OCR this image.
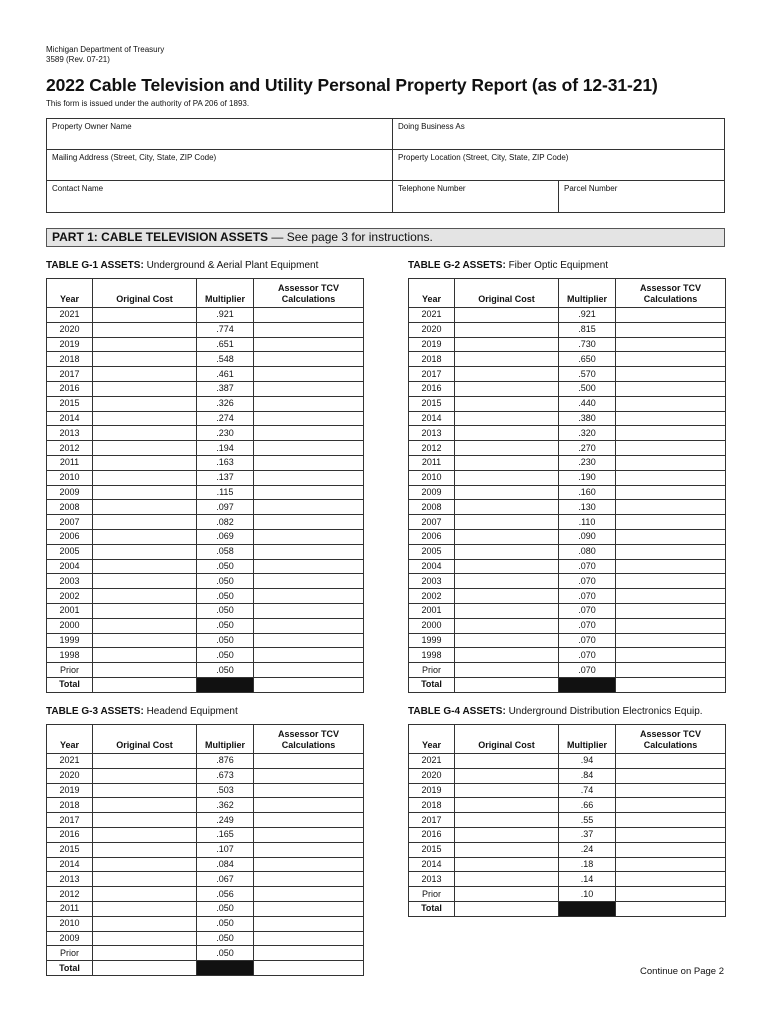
Michigan Department of Treasury
3589 (Rev. 07-21)
2022 Cable Television and Utility Personal Property Report (as of 12-31-21)
This form is issued under the authority of PA 206 of 1893.
Property Owner Name	Doing Business As
Mailing Address (Street, City, State, ZIP Code)	Property Location (Street, City, State, ZIP Code)
Contact Name	Telephone Number	Parcel Number
PART 1: CABLE TELEVISION ASSETS — See page 3 for instructions.
TABLE G-1 ASSETS: Underground & Aerial Plant Equipment	TABLE G-2 ASSETS: Fiber Optic Equipment
TABLE G-3 ASSETS: Headend Equipment	TABLE G-4 ASSETS: Underground Distribution Electronics Equip.
Year	Original Cost	Multiplier	Assessor TCV
Calculations

2021		.921	
2020		.774	
2019		.651	
2018		.548	
2017		.461	
2016		.387	
2015		.326	
2014		.274	
2013		.230	
2012		.194	
2011		.163	
2010		.137	
2009		.115	
2008		.097	
2007		.082	
2006		.069	
2005		.058	
2004		.050	
2003		.050	
2002		.050	
2001		.050	
2000		.050	
1999		.050	
1998		.050	
Prior		.050	
Total			
Year	Original Cost	Multiplier	Assessor TCV
Calculations

2021		.921	
2020		.815	
2019		.730	
2018		.650	
2017		.570	
2016		.500	
2015		.440	
2014		.380	
2013		.320	
2012		.270	
2011		.230	
2010		.190	
2009		.160	
2008		.130	
2007		.110	
2006		.090	
2005		.080	
2004		.070	
2003		.070	
2002		.070	
2001		.070	
2000		.070	
1999		.070	
1998		.070	
Prior		.070	
Total			
Year	Original Cost	Multiplier	Assessor TCV
Calculations

2021		.876	
2020		.673	
2019		.503	
2018		.362	
2017		.249	
2016		.165	
2015		.107	
2014		.084	
2013		.067	
2012		.056	
2011		.050	
2010		.050	
2009		.050	
Prior		.050	
Total			
Year	Original Cost	Multiplier	Assessor TCV
Calculations

2021		.94	
2020		.84	
2019		.74	
2018		.66	
2017		.55	
2016		.37	
2015		.24	
2014		.18	
2013		.14	
Prior		.10	
Total			
Continue on Page 2
